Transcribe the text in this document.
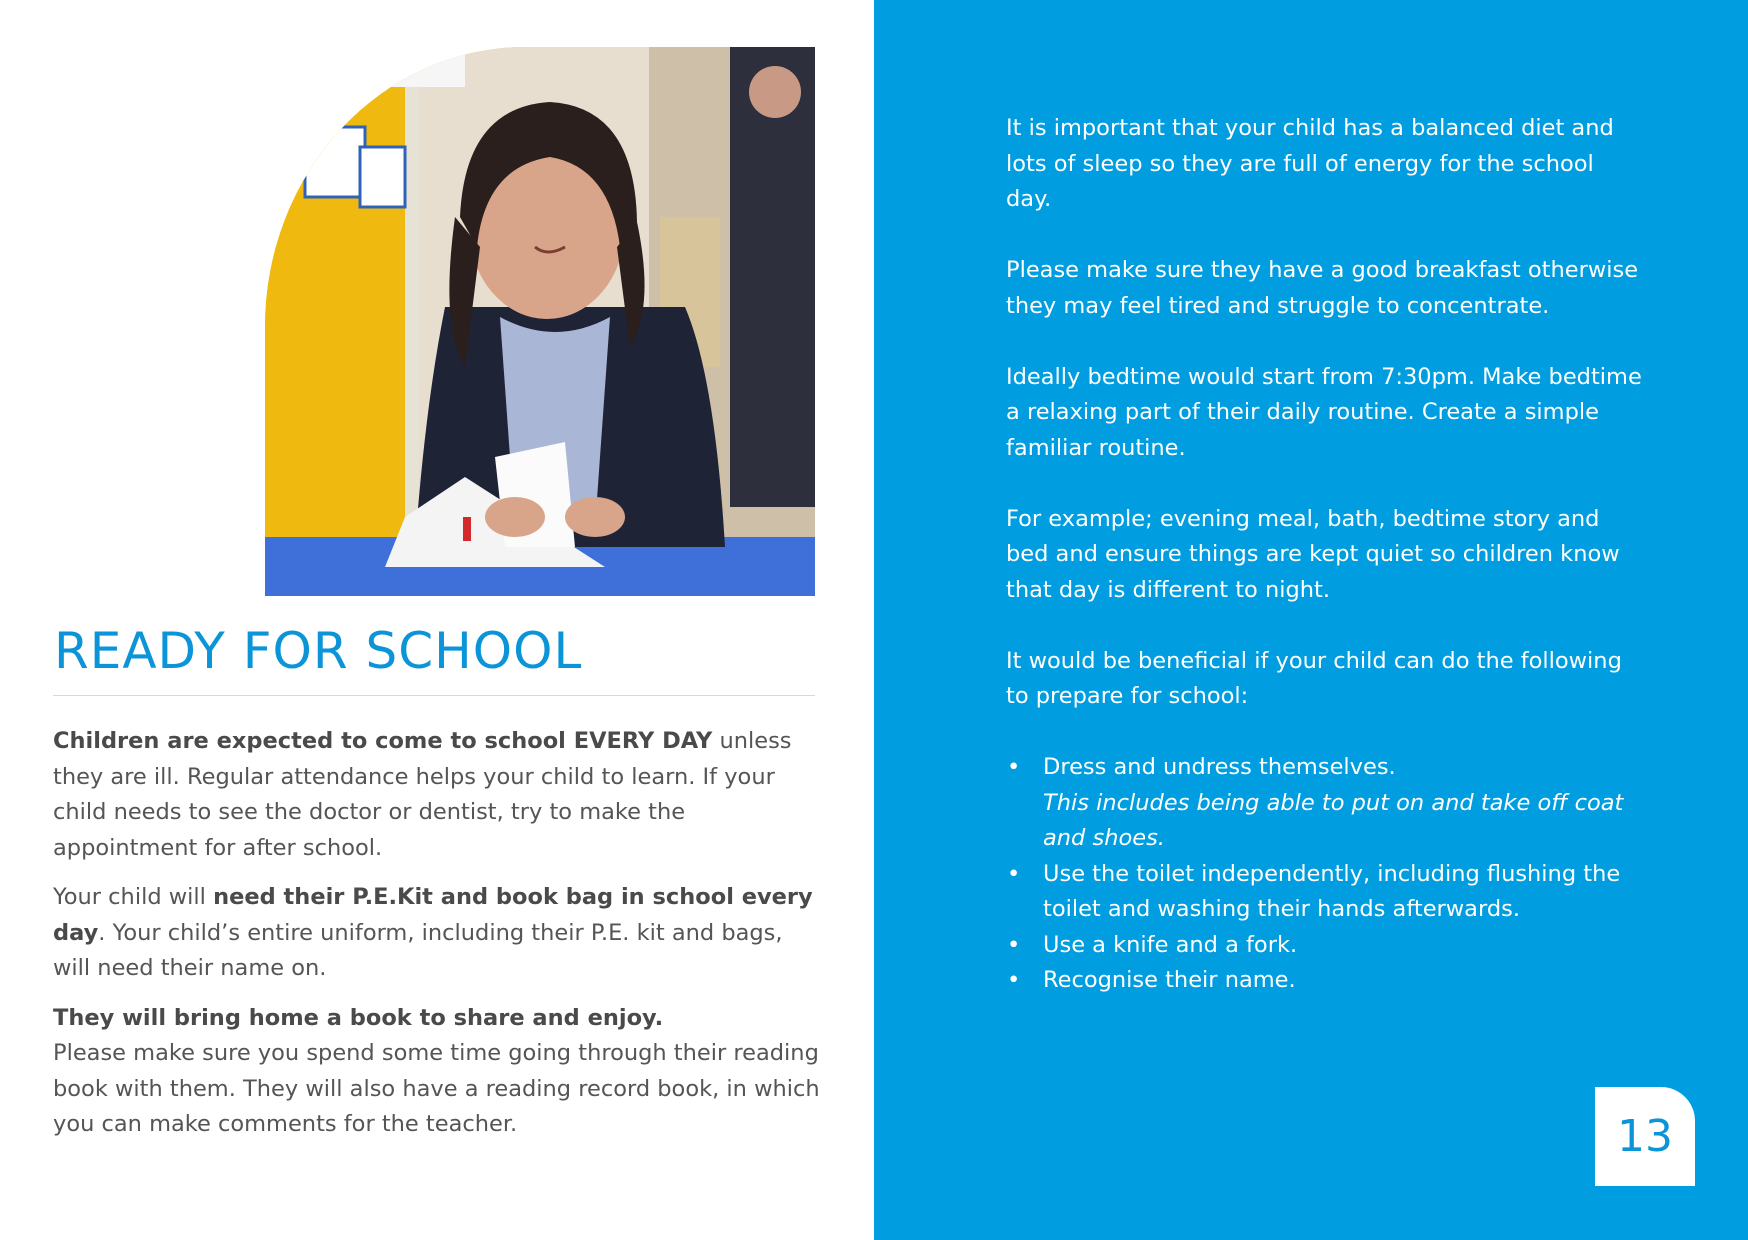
READY FOR SCHOOL

Children are expected to come to school EVERY DAY unless they are ill. Regular attendance helps your child to learn. If your child needs to see the doctor or dentist, try to make the appointment for after school.

Your child will need their P.E.Kit and book bag in school every day. Your child’s entire uniform, including their P.E. kit and bags, will need their name on.

They will bring home a book to share and enjoy.
Please make sure you spend some time going through their reading book with them. They will also have a reading record book, in which you can make comments for the teacher.

It is important that your child has a balanced diet and lots of sleep so they are full of energy for the school day.

Please make sure they have a good breakfast otherwise they may feel tired and struggle to concentrate.

Ideally bedtime would start from 7:30pm. Make bedtime a relaxing part of their daily routine. Create a simple familiar routine.

For example; evening meal, bath, bedtime story and bed and ensure things are kept quiet so children know that day is different to night.

It would be beneficial if your child can do the following to prepare for school:

• Dress and undress themselves.
This includes being able to put on and take off coat and shoes.
• Use the toilet independently, including flushing the toilet and washing their hands afterwards.
• Use a knife and a fork.
• Recognise their name.
13
